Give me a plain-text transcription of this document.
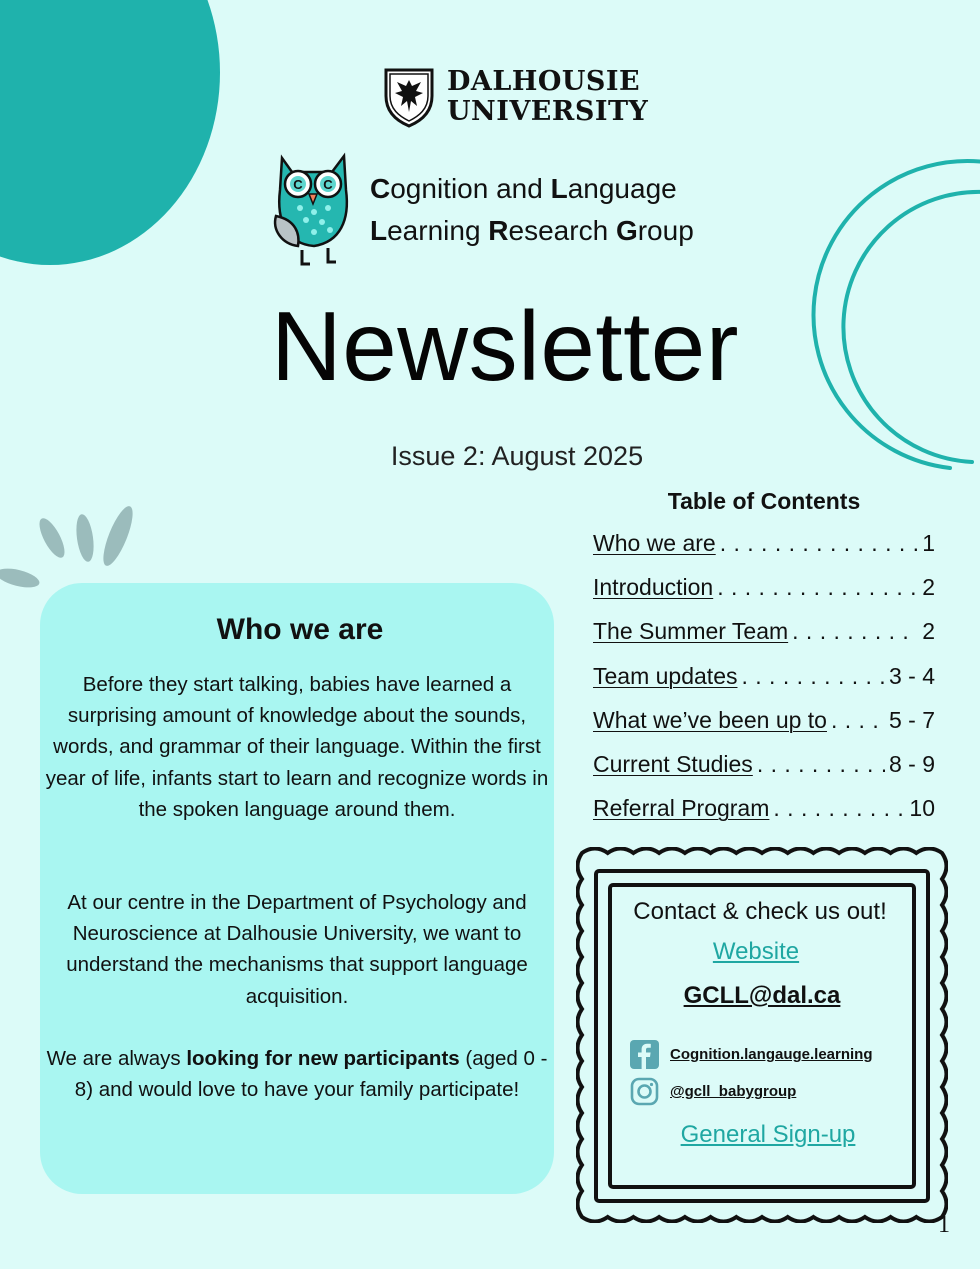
DALHOUSIE
UNIVERSITY
C C Cognition and Language
Learning Research Group
Newsletter
Issue 2: August 2025
Table of Contents
Who we are . . .	1
Introduction . . .	2
The Summer Team . . .	2
Team updates . . .	3 - 4
What we’ve been up to . . .	5 - 7
Current Studies . . .	8 - 9
Referral Program . . .	10
Who we are

Before they start talking, babies have learned a surprising amount of knowledge about the sounds, words, and grammar of their language. Within the first year of life, infants start to learn and recognize words in the spoken language around them.

At our centre in the Department of Psychology and Neuroscience at Dalhousie University, we want to understand the mechanisms that support language acquisition.

We are always looking for new participants (aged 0 - 8) and would love to have your family participate!

Contact & check us out!
Website
GCLL@dal.ca
Cognition.langauge.learning
@gcll_babygroup
General Sign-up
1
